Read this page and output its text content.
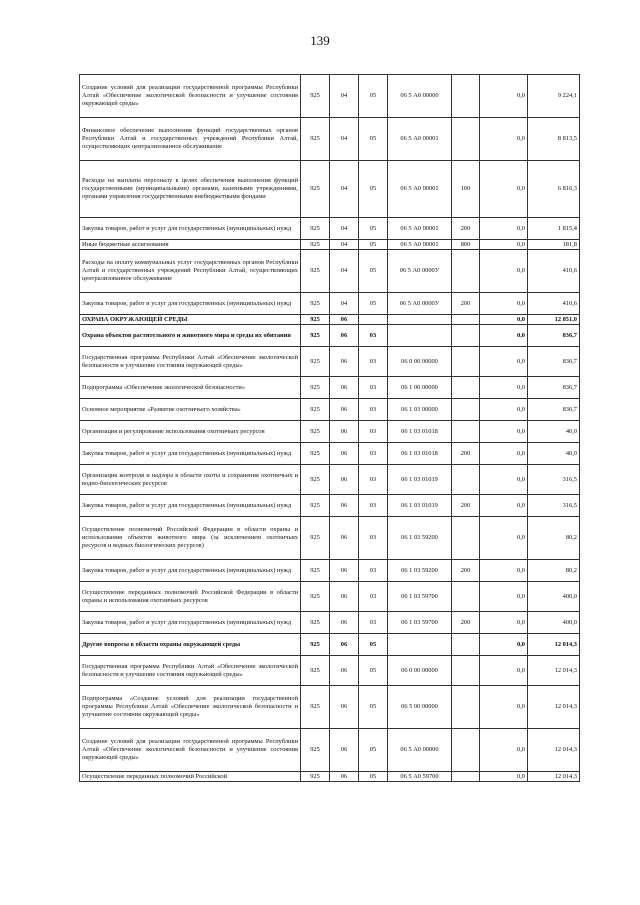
139
Создание условий для реализации государственной программы Республики Алтай «Обеспечение экологической безопасности и улучшение состояния окружающей среды»	925	04	05	06 5 А0 00000		0,0	9 224,1
Финансовое обеспечение выполнения функций государственных органов Республики Алтай и государственных учреждений Республики Алтай, осуществляющих централизованное обслуживание	925	04	05	06 5 А0 00001		0,0	8 813,5
Расходы на выплаты персоналу в целях обеспечения выполнения функций государственными (муниципальными) органами, казенными учреждениями, органами управления государственными внебюджетными фондами	925	04	05	06 5 А0 00001	100	0,0	6 816,3
Закупка товаров, работ и услуг для государственных (муниципальных) нужд	925	04	05	06 5 А0 00001	200	0,0	1 815,4
Иные бюджетные ассигнования	925	04	05	06 5 А0 00001	800	0,0	181,8
Расходы на оплату коммунальных услуг государственных органов Республики Алтай и государственных учреждений Республики Алтай, осуществляющих централизованное обслуживание	925	04	05	06 5 А0 0000У		0,0	410,6
Закупка товаров, работ и услуг для государственных (муниципальных) нужд	925	04	05	06 5 А0 0000У	200	0,0	410,6
ОХРАНА ОКРУЖАЮЩЕЙ СРЕДЫ	925	06				0,0	12 851,0
Охрана объектов растительного и животного мира и среды их обитания	925	06	03			0,0	836,7
Государственная программа Республики Алтай «Обеспечение экологической безопасности и улучшение состояния окружающей среды»	925	06	03	06 0 00 00000		0,0	836,7
Подпрограмма «Обеспечение экологической безопасности»	925	06	03	06 1 00 00000		0,0	836,7
Основное мероприятие «Развитие охотничьего хозяйства»	925	06	03	06 1 03 00000		0,0	836,7
Организация и регулирование использования охотничьих ресурсов	925	06	03	06 1 03 01018		0,0	40,0
Закупка товаров, работ и услуг для государственных (муниципальных) нужд	925	06	03	06 1 03 01018	200	0,0	40,0
Организация контроля и надзора в области охоты и сохранения охотничьих и водно-биологических ресурсов	925	06	03	06 1 03 01019		0,0	316,5
Закупка товаров, работ и услуг для государственных (муниципальных) нужд	925	06	03	06 1 03 01019	200	0,0	316,5
Осуществление полномочий Российской Федерации в области охраны и использования объектов животного мира (за исключением охотничьих ресурсов и водных биологических ресурсов)	925	06	03	06 1 03 59200		0,0	80,2
Закупка товаров, работ и услуг для государственных (муниципальных) нужд	925	06	03	06 1 03 59200	200	0,0	80,2
Осуществление переданных полномочий Российской Федерации в области охраны и использования охотничьих ресурсов	925	06	03	06 1 03 59700		0,0	400,0
Закупка товаров, работ и услуг для государственных (муниципальных) нужд	925	06	03	06 1 03 59700	200	0,0	400,0
Другие вопросы в области охраны окружающей среды	925	06	05			0,0	12 014,3
Государственная программа Республики Алтай «Обеспечение экологической безопасности и улучшение состояния окружающей среды»	925	06	05	06 0 00 00000		0,0	12 014,3
Подпрограмма «Создание условий для реализации государственной программы Республики Алтай «Обеспечение экологической безопасности и улучшение состояния окружающей среды»	925	06	05	06 5 00 00000		0,0	12 014,3
Создание условий для реализации государственной программы Республики Алтай «Обеспечение экологической безопасности и улучшение состояния окружающей среды»	925	06	05	06 5 А0 00000		0,0	12 014,3
Осуществление переданных полномочий Российской	925	06	05	06 5 А0 59700		0,0	12 014,3
